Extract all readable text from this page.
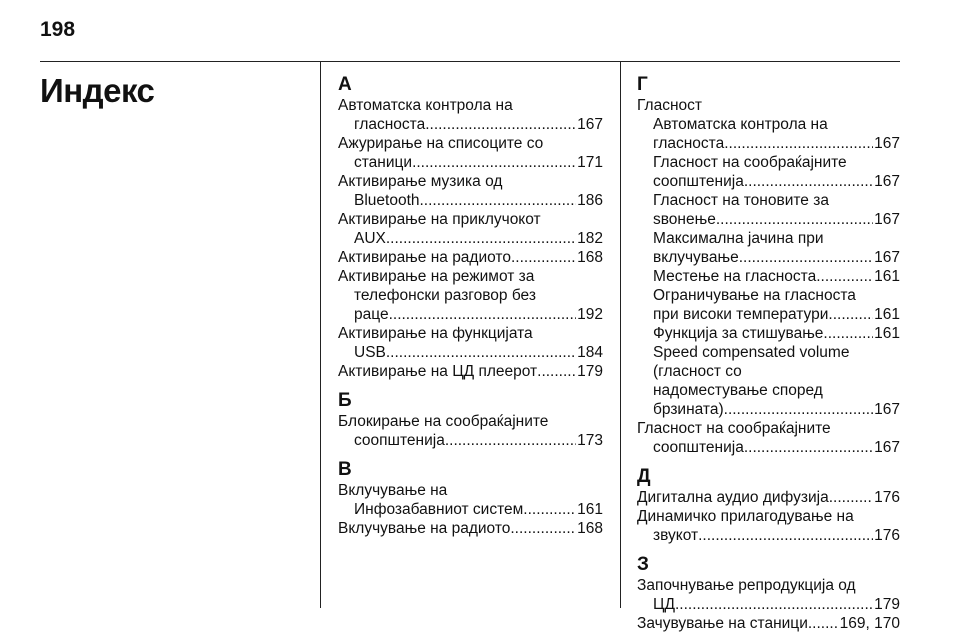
198
Индекс	А
Автоматска контрола на
гласноста .....	167
Ажурирање на списоците со
станици .....	171
Активирање музика од
Bluetooth .....	186
Активирање на приклучокот
AUX .....	182
Активирање на радиото .....	168
Активирање на режимот за
телефонски разговор без
раце .....	192
Активирање на функцијата
USB .....	184
Активирање на ЦД плеерот .....	179
Б
Блокирање на сообраќајните
соопштенија .....	173
В
Вклучување на
Инфозабавниот систем .....	161
Вклучување на радиото .....	168
Г
Гласност
Автоматска контрола на
гласноста .....	167
Гласност на сообраќајните
соопштенија .....	167
Гласност на тоновите за
ѕвонење .....	167
Максимална јачина при
вклучување .....	167
Местење на гласноста .....	161
Ограничување на гласноста
при високи температури .....	161
Функција за стишување .....	161
Speed compensated volume
(гласност со
надоместување според
брзината) .....	167
Гласност на сообраќајните
соопштенија .....	167
Д
Дигитална аудио дифузија .....	176
Динамичко прилагодување на
звукот .....	176
З
Започнување репродукција од
ЦД .....	179
Зачувување на станици ..... 169, 170
